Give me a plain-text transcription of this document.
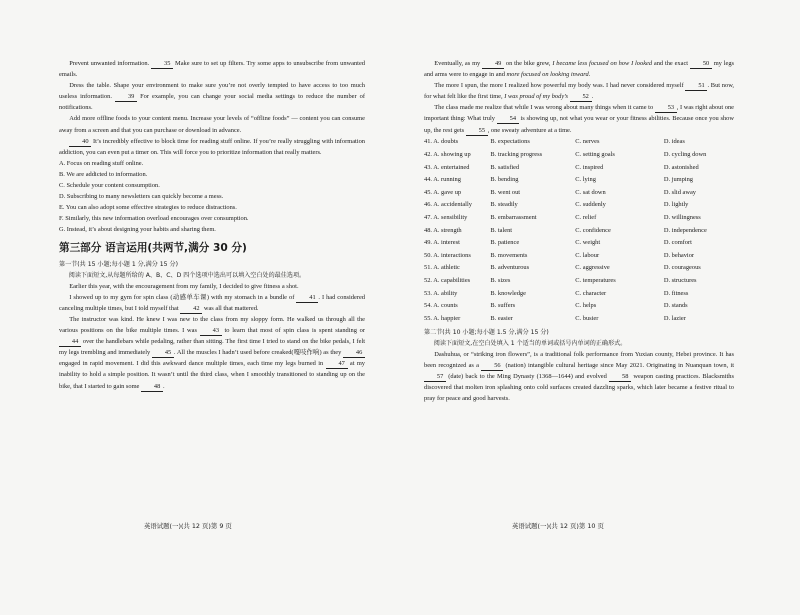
Prevent unwanted information. 35 Make sure to set up filters. Try some apps to unsubscribe from unwanted emails.

Dress the table. Shape your environment to make sure you’re not overly tempted to have access to too much useless information. 39 For example, you can change your social media settings to reduce the number of notifications.

Add more offline foods to your content menu. Increase your levels of “offline foods” — content you can consume away from a screen and that you can purchase or download in advance.

40 It’s incredibly effective to block time for reading stuff online. If you’re really struggling with information addiction, you can even put a timer on. This will force you to prioritize information that really matters.

A. Focus on reading stuff online.

B. We are addicted to information.

C. Schedule your content consumption.

D. Subscribing to many newsletters can quickly become a mess.

E. You can also adopt some effective strategies to reduce distractions.

F. Similarly, this new information overload encourages over consumption.

G. Instead, it’s about designing your habits and sharing them.

第三部分 语言运用(共两节,满分 30 分)

第一节(共 15 小题;每小题 1 分,满分 15 分)

阅读下面短文,从每题所给的 A、B、C、D 四个选项中选出可以填入空白处的最佳选项。

Earlier this year, with the encouragement from my family, I decided to give fitness a shot.

I showed up to my gym for spin class (动感单车课) with my stomach in a bundle of 41 . I had considered canceling multiple times, but I told myself that 42 was all that mattered.

The instructor was kind. He knew I was new to the class from my sloppy form. He walked us through all the various positions on the bike multiple times. I was 43 to learn that most of spin class is spent standing or 44 over the handlebars while pedaling, rather than sitting. The first time I tried to stand on the bike pedals, I felt my legs trembling and immediately 45 . All the muscles I hadn’t used before creaked(嘎吱作响) as they 46 engaged in rapid movement. I did this awkward dance multiple times, each time my legs burned in 47 at my inability to hold a simple position. It wasn’t until the third class, when I smoothly transitioned to standing up on the bike, that I started to gain some 48 .

英语试题(一)(共 12 页)第 9 页

Eventually, as my 49 on the bike grew, I became less focused on how I looked and the exact 50 my legs and arms were to engage in and more focused on looking inward.

The more I spun, the more I realized how powerful my body was. I had never considered myself 51 . But now, for what felt like the first time, I was proud of my body’s 52 .

The class made me realize that while I was wrong about many things when it came to 53 , I was right about one important thing: What truly 54 is showing up, not what you wear or your fitness abilities. Because once you show up, the rest gets 55 , one sweaty adventure at a time.

41. A. doubts	B. expectations	C. nerves	D. ideas
42. A. showing up	B. tracking progress	C. setting goals	D. cycling down
43. A. entertained	B. satisfied	C. inspired	D. astonished
44. A. running	B. bending	C. lying	D. jumping
45. A. gave up	B. went out	C. sat down	D. slid away
46. A. accidentally	B. steadily	C. suddenly	D. lightly
47. A. sensibility	B. embarrassment	C. relief	D. willingness
48. A. strength	B. talent	C. confidence	D. independence
49. A. interest	B. patience	C. weight	D. comfort
50. A. interactions	B. movements	C. labour	D. behavior
51. A. athletic	B. adventurous	C. aggressive	D. courageous
52. A. capabilities	B. sizes	C. temperatures	D. structures
53. A. ability	B. knowledge	C. character	D. fitness
54. A. counts	B. suffers	C. helps	D. stands
55. A. happier	B. easier	C. busier	D. lazier

第二节(共 10 小题;每小题 1.5 分,满分 15 分)

阅读下面短文,在空白处填入 1 个适当的单词或括号内单词的正确形式。

Dashuhua, or “striking iron flowers”, is a traditional folk performance from Yuxian county, Hebei province. It has been recognized as a 56 (nation) intangible cultural heritage since May 2021. Originating in Nuanquan town, it 57 (date) back to the Ming Dynasty (1368—1644) and evolved 58 weapon casting practices. Blacksmiths discovered that molten iron splashing onto cold surfaces created dazzling sparks, which later became a festive ritual to pray for peace and good harvests.

英语试题(一)(共 12 页)第 10 页
